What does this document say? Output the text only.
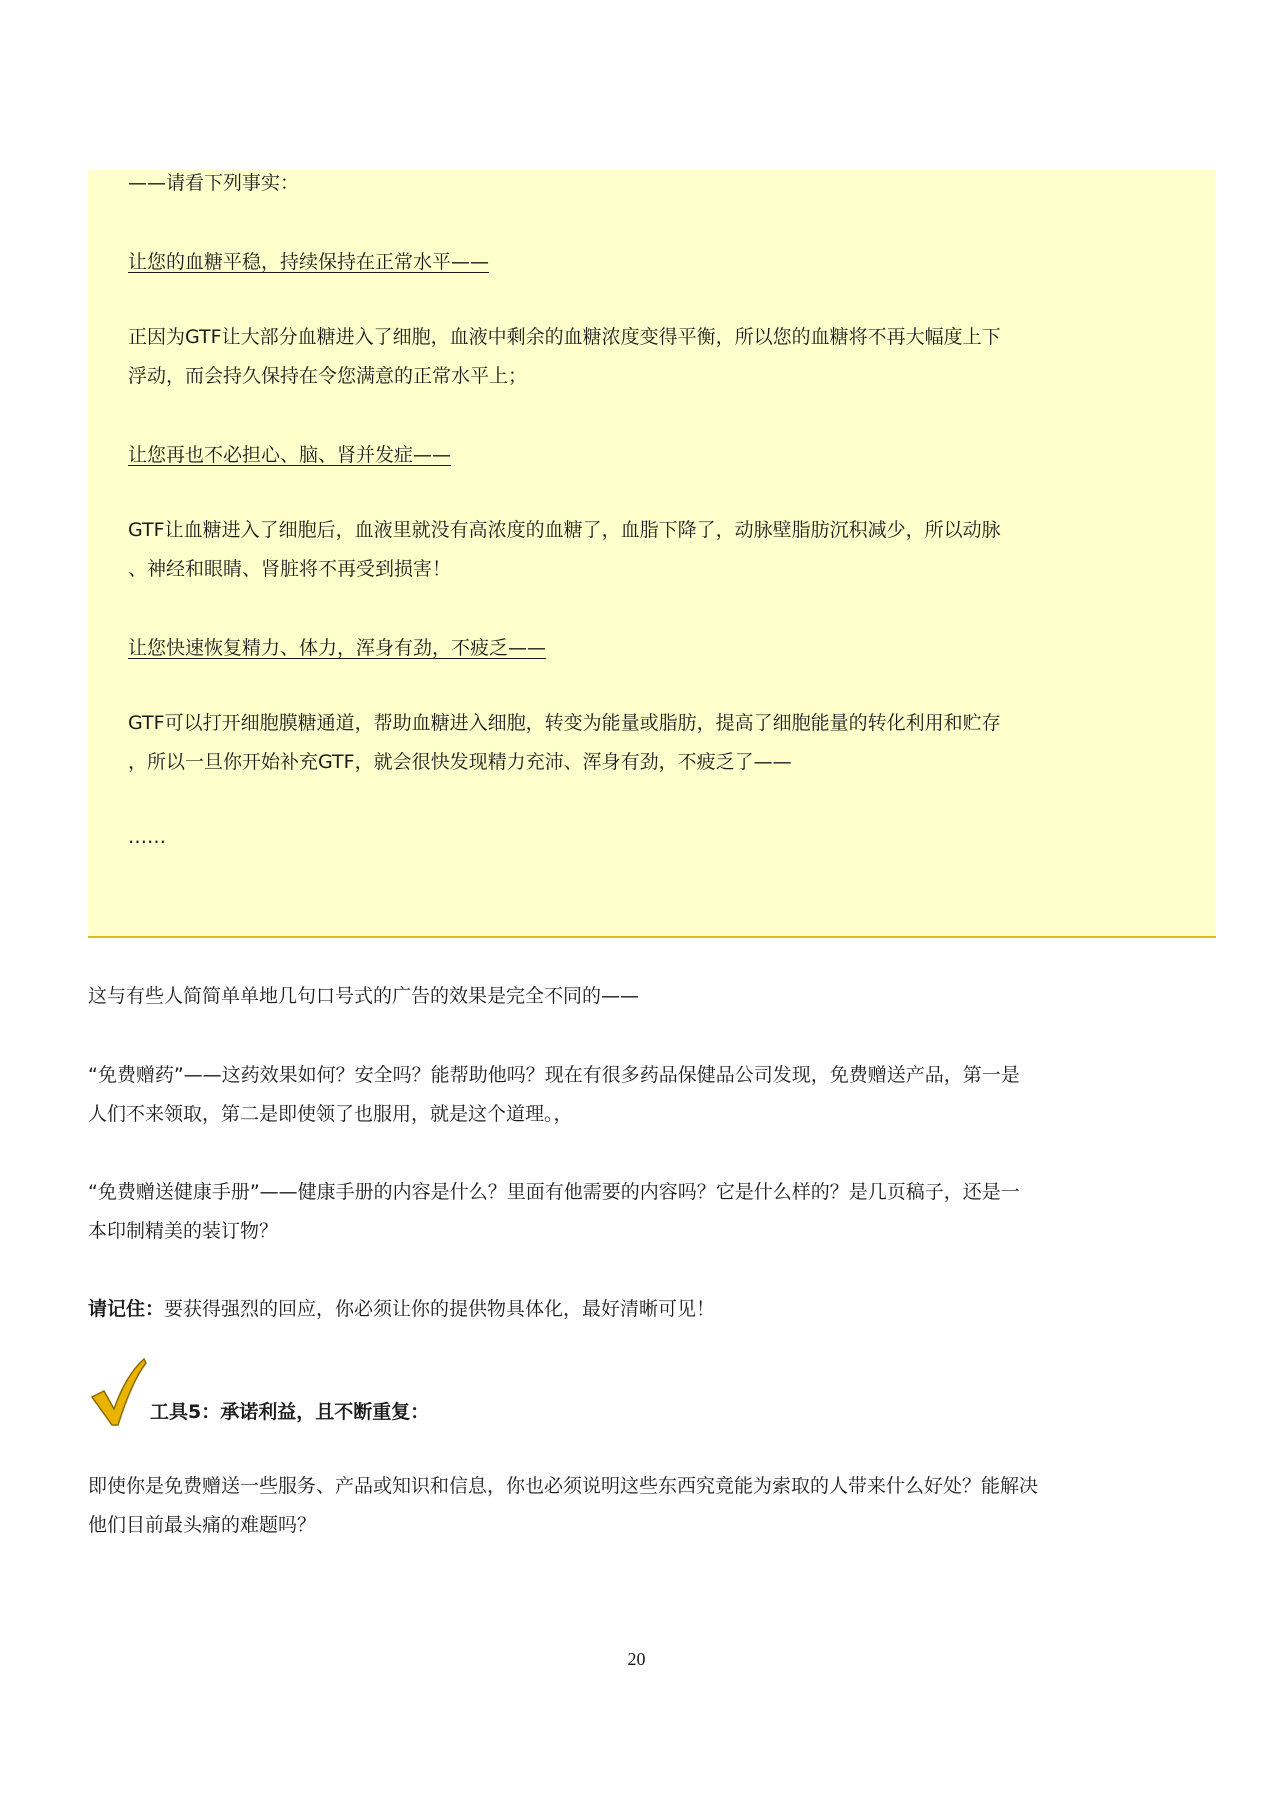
——请看下列事实：
让您的血糖平稳，持续保持在正常水平——
正因为GTF让大部分血糖进入了细胞，血液中剩余的血糖浓度变得平衡，所以您的血糖将不再大幅度上下
浮动，而会持久保持在令您满意的正常水平上；
让您再也不必担心、脑、肾并发症——
GTF让血糖进入了细胞后，血液里就没有高浓度的血糖了，血脂下降了，动脉壁脂肪沉积减少，所以动脉
、神经和眼睛、肾脏将不再受到损害！
让您快速恢复精力、体力，浑身有劲，不疲乏——
GTF可以打开细胞膜糖通道，帮助血糖进入细胞，转变为能量或脂肪，提高了细胞能量的转化利用和贮存
，所以一旦你开始补充GTF，就会很快发现精力充沛、浑身有劲，不疲乏了——
……
这与有些人简简单单地几句口号式的广告的效果是完全不同的——
“免费赠药”——这药效果如何？安全吗？能帮助他吗？现在有很多药品保健品公司发现，免费赠送产品，第一是
人们不来领取，第二是即使领了也服用，就是这个道理。，
“免费赠送健康手册”——健康手册的内容是什么？里面有他需要的内容吗？它是什么样的？是几页稿子，还是一
本印制精美的装订物？
请记住：要获得强烈的回应，你必须让你的提供物具体化，最好清晰可见！
工具5：承诺利益，且不断重复：
即使你是免费赠送一些服务、产品或知识和信息，你也必须说明这些东西究竟能为索取的人带来什么好处？能解决
他们目前最头痛的难题吗？
20
